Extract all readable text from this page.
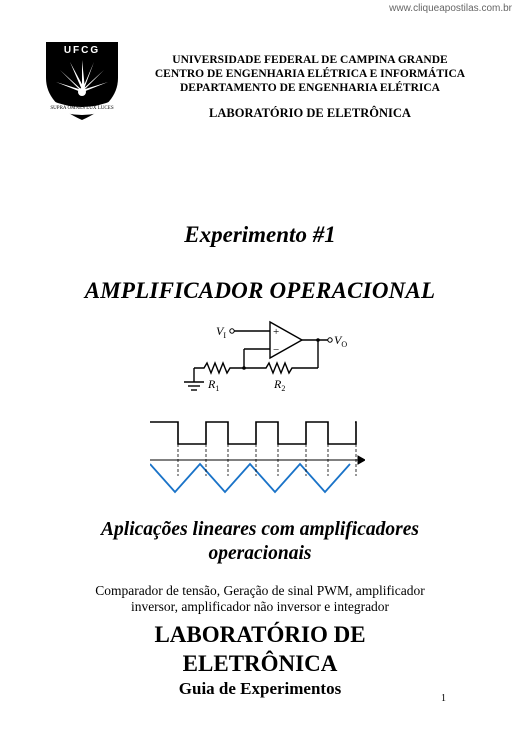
www.cliqueapostilas.com.br
UFCG
SUPRA OMNES LUX LUCES
UNIVERSIDADE FEDERAL DE CAMPINA GRANDE
CENTRO DE ENGENHARIA ELÉTRICA E INFORMÁTICA
DEPARTAMENTO DE ENGENHARIA ELÉTRICA
LABORATÓRIO DE ELETRÔNICA
Experimento #1
AMPLIFICADOR OPERACIONAL
+
−
$V_I$	$V_O$
$R_1$	$R_2$
Aplicações lineares com amplificadores
operacionais
Comparador de tensão, Geração de sinal PWM, amplificador
inversor, amplificador não inversor e integrador
LABORATÓRIO DE
ELETRÔNICA
Guia de Experimentos
1
